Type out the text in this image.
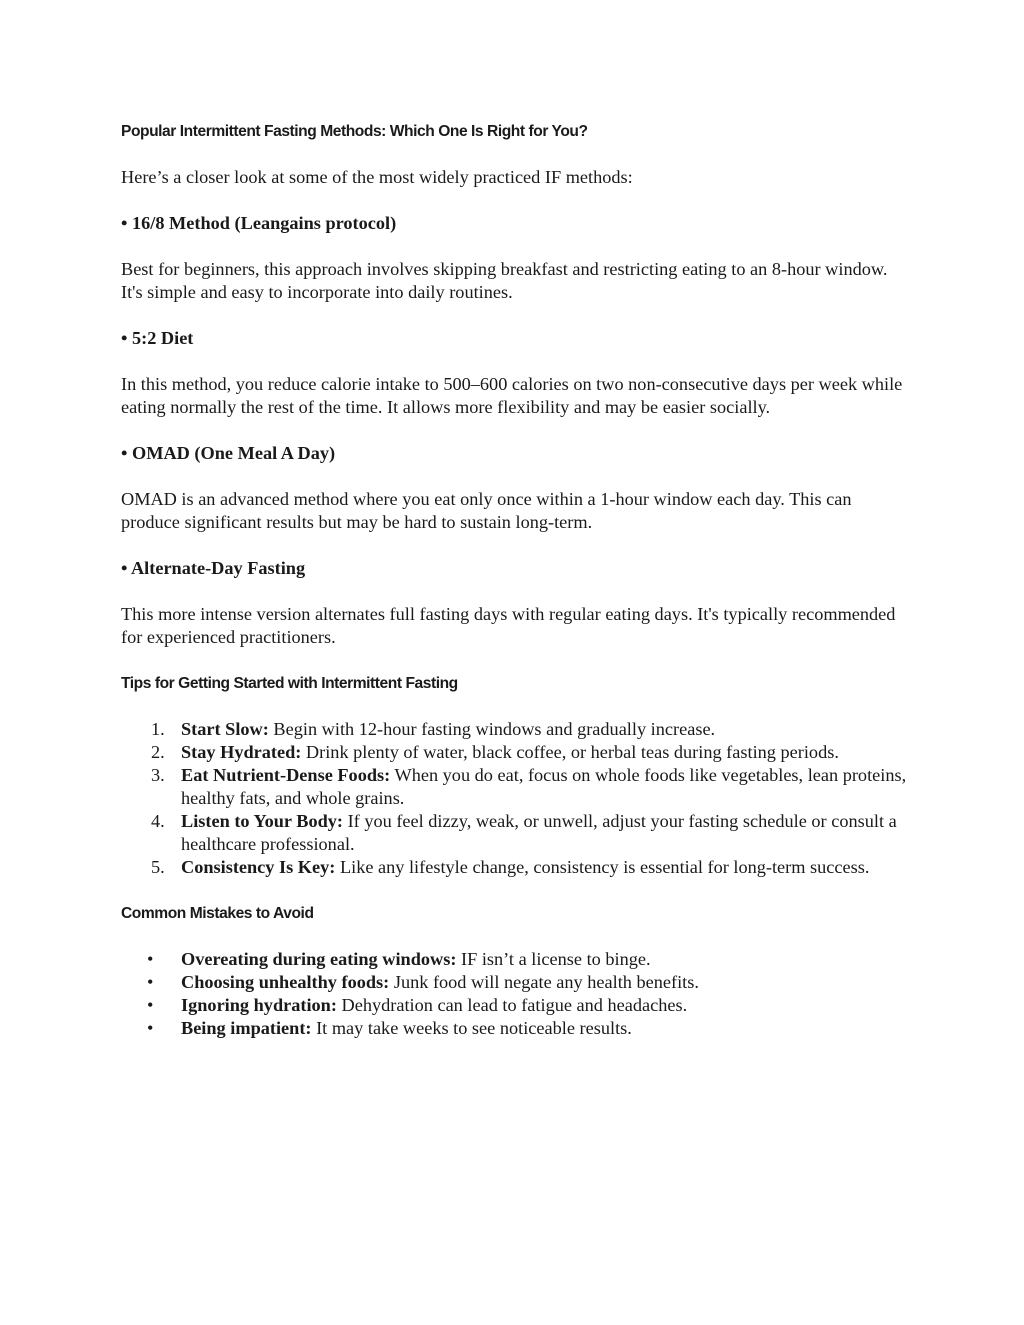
Popular Intermittent Fasting Methods: Which One Is Right for You?

Here’s a closer look at some of the most widely practiced IF methods:

• 16/8 Method (Leangains protocol)

Best for beginners, this approach involves skipping breakfast and restricting eating to an 8-hour window. It's simple and easy to incorporate into daily routines.

• 5:2 Diet

In this method, you reduce calorie intake to 500–600 calories on two non-consecutive days per week while eating normally the rest of the time. It allows more flexibility and may be easier socially.

• OMAD (One Meal A Day)

OMAD is an advanced method where you eat only once within a 1-hour window each day. This can produce significant results but may be hard to sustain long-term.

• Alternate-Day Fasting

This more intense version alternates full fasting days with regular eating days. It's typically recommended for experienced practitioners.

Tips for Getting Started with Intermittent Fasting
1. Start Slow: Begin with 12-hour fasting windows and gradually increase.
2. Stay Hydrated: Drink plenty of water, black coffee, or herbal teas during fasting periods.
3. Eat Nutrient-Dense Foods: When you do eat, focus on whole foods like vegetables, lean proteins, healthy fats, and whole grains.
4. Listen to Your Body: If you feel dizzy, weak, or unwell, adjust your fasting schedule or consult a healthcare professional.
5. Consistency Is Key: Like any lifestyle change, consistency is essential for long-term success.
Common Mistakes to Avoid
•	Overeating during eating windows: IF isn’t a license to binge.
•	Choosing unhealthy foods: Junk food will negate any health benefits.
•	Ignoring hydration: Dehydration can lead to fatigue and headaches.
•	Being impatient: It may take weeks to see noticeable results.
